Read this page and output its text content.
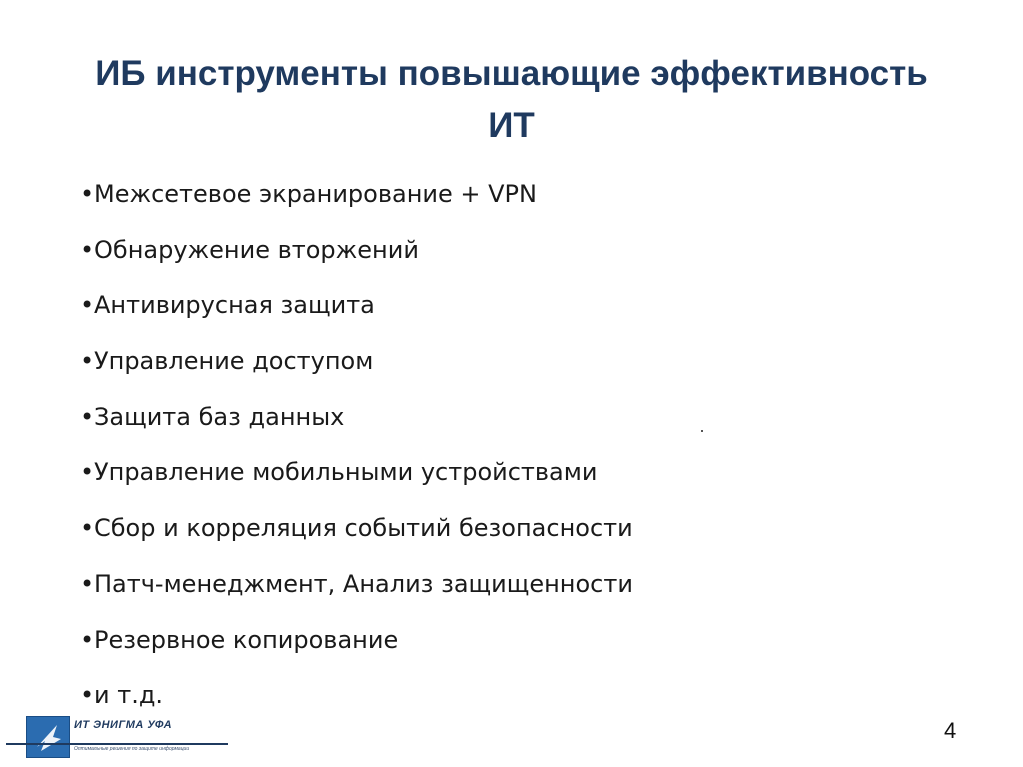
ИБ инструменты повышающие эффективность
ИТ
•Межсетевое экранирование + VPN
•Обнаружение вторжений
•Антивирусная защита
•Управление доступом
•Защита баз данных
•Управление мобильными устройствами
•Сбор и корреляция событий безопасности
•Патч-менеджмент, Анализ защищенности
•Резервное копирование
•и т.д.
ИТ ЭНИГМА УФА
Оптимальные решения по защите информации
4
